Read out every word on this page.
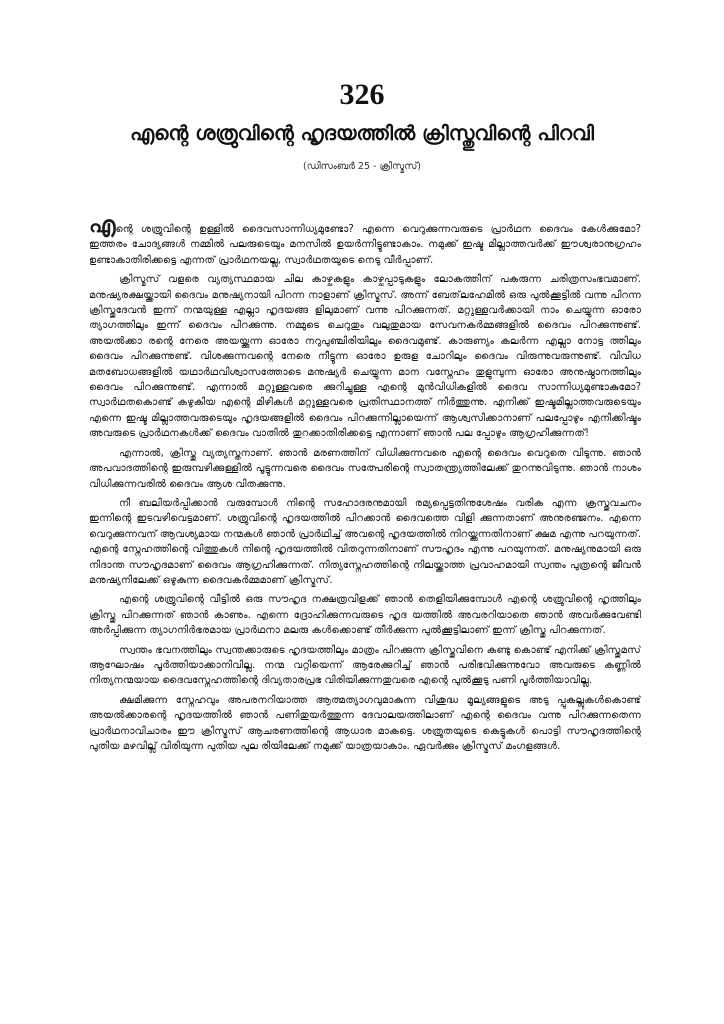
326
എന്റെ ശത്രുവിന്റെ ഹൃദയത്തിൽ ക്രിസ്തുവിന്റെ പിറവി
(ഡിസംബർ 25 - ക്രിസ്മസ്)

എന്റെ ശത്രുവിന്റെ ഉള്ളിൽ ദൈവസാന്നിധ്യമുണ്ടോ? എന്നെ വെറുക്കുന്നവരുടെ പ്രാർഥന ദൈവം കേൾക്കുമോ? ഇത്തരം ചോദ്യങ്ങൾ നമ്മിൽ പലരുടെയും മനസിൽ ഉയർന്നിട്ടുണ്ടാകാം. നമുക്ക് ഇഷ്ട മില്ലാത്തവർക്ക് ഈശ്വരാനുഗ്രഹം ഉണ്ടാകാതിരിക്കട്ടെ എന്നത് പ്രാർഥനയല്ല, സ്വാർഥതയുടെ നെടു വീർപ്പാണ്.

ക്രിസ്മസ് വളരെ വ്യത്യസ്ഥമായ ചില കാഴ്ചകളും കാഴ്ചപ്പാടുകളും ലോകത്തിന് പകരുന്ന ചരിത്രസംഭവമാണ്. മനുഷ്യരക്ഷയ്ക്കായി ദൈവം മനുഷ്യനായി പിറന്ന നാളാണ് ക്രിസ്മസ്. അന്ന് ബേത്‌ലഹേമിൽ ഒരു പുൽക്കൂട്ടിൽ വന്നു പിറന്ന ക്രിസ്തുദേവൻ ഇന്ന് നന്മയുള്ള എല്ലാ ഹൃദയങ്ങ ളിലുമാണ് വന്നു പിറക്കുന്നത്. മറ്റുള്ളവർക്കായി നാം ചെയ്യുന്ന ഓരോ ത്യാഗത്തിലും ഇന്ന് ദൈവം പിറക്കുന്നു. നമ്മുടെ ചെറുതും വലുതുമായ സേവനകർമ്മങ്ങളിൽ ദൈവം പിറക്കുന്നുണ്ട്. അയൽക്കാ രന്റെ നേരെ അയയ്ക്കുന്ന ഓരോ നറുപുഞ്ചിരിയിലും ദൈവമുണ്ട്. കാരുണ്യം കലർന്ന എല്ലാ നോട്ട ത്തിലും ദൈവം പിറക്കുന്നുണ്ട്. വിശക്കുന്നവന്റെ നേരെ നീട്ടുന്ന ഓരോ ഉരുള ചോറിലും ദൈവം വിരുന്നുവരുന്നുണ്ട്. വിവിധ മതബോധങ്ങളിൽ യഥാർഥവിശ്വാസത്തോടെ മനുഷ്യർ ചെയ്യുന്ന മാന വസ്നേഹം തുളുമ്പുന്ന ഓരോ അനുഷ്ഠാനത്തിലും ദൈവം പിറക്കുന്നുണ്ട്. എന്നാൽ മറ്റുള്ളവരെ ക്കുറിച്ചുള്ള എന്റെ മുൻവിധികളിൽ ദൈവ സാന്നിധ്യമുണ്ടാകുമോ? സ്വാർഥതകൊണ്ട് കഴുകിയ എന്റെ മിഴികൾ മറ്റുള്ളവരെ പ്രതിസ്ഥാനത്ത് നിർത്തുന്നു. എനിക്ക് ഇഷ്ടമില്ലാത്തവരുടെയും എന്നെ ഇഷ്ട മില്ലാത്തവരുടെയും ഹൃദയങ്ങളിൽ ദൈവം പിറക്കുന്നില്ലായെന്ന് ആശ്വസിക്കാനാണ് പലപ്പോഴും എനിക്കിഷ്ടം അവരുടെ പ്രാർഥനകൾക്ക് ദൈവം വാതിൽ തുറക്കാതിരിക്കട്ടെ എന്നാണ് ഞാൻ പല പ്പോഴും ആഗ്രഹിക്കുന്നത്!

എന്നാൽ, ക്രിസ്തു വ്യത്യസ്തനാണ്. ഞാൻ മരണത്തിന് വിധിക്കുന്നവരെ എന്റെ ദൈവം വെറുതെ വിടുന്നു. ഞാൻ അപവാദത്തിന്റെ ഇരുമ്പഴിക്കുള്ളിൽ പൂട്ടുന്നവരെ ദൈവം സത്പേരിന്റെ സ്വാതന്ത്ര്യത്തിലേക്ക് തുറന്നുവിടുന്നു. ഞാൻ നാശം വിധിക്കുന്നവരിൽ ദൈവം ആശ വിതക്കുന്നു.

നീ ബലിയർപ്പിക്കാൻ വരുമ്പോൾ നിന്റെ സഹോദരനുമായി രമ്യപ്പെട്ടതിനുശേഷം വരിക എന്ന ക്രസ്തുവചനം ഇന്നിന്റെ ഇടവഴിവെട്ടമാണ്. ശത്രുവിന്റെ ഹൃദയത്തിൽ പിറക്കാൻ ദൈവത്തെ വിളി ക്കുന്നതാണ് അനുരഞ്ജനം. എന്നെ വെറുക്കുന്നവന് ആവശ്യമായ നന്മകൾ ഞാൻ പ്രാർഥിച്ച് അവന്റെ ഹൃദയത്തിൽ നിറയ്ക്കുന്നതിനാണ് ക്ഷമ എന്നു പറയുന്നത്. എന്റെ സ്നേഹത്തിന്റെ വിത്തുകൾ നിന്റെ ഹൃദയത്തിൽ വിതറുന്നതിനാണ് സൗഹൃദം എന്നു പറയുന്നത്. മനുഷ്യനുമായി ഒരു നിദാന്ത സൗഹൃദമാണ് ദൈവം ആഗ്രഹിക്കുന്നത്. നിത്യസ്നേഹത്തിന്റെ നിലയ്ക്കാത്ത പ്രവാഹമായി സ്വന്തം പുത്രന്റെ ജീവൻ മനുഷ്യനിലേക്ക് ഒഴുകുന്ന ദൈവകർമ്മമാണ് ക്രിസ്മസ്.

എന്റെ ശത്രുവിന്റെ വീട്ടിൽ ഒരു സൗഹൃദ നക്ഷത്രവിളക്ക് ഞാൻ തെളിയിക്കുമ്പോൾ എന്റെ ശത്രുവിന്റെ ഹൃത്തിലും ക്രിസ്തു പിറക്കുന്നത് ഞാൻ കാണും. എന്നെ ദ്രോഹിക്കുന്നവരുടെ ഹൃദ യത്തിൽ അവരറിയാതെ ഞാൻ അവർക്കുവേണ്ടി അർപ്പിക്കുന്ന ത്യാഗനിർഭരമായ പ്രാർഥനാ മലരു കൾക്കൊണ്ട് തീർക്കുന്ന പുൽക്കൂട്ടിലാണ് ഇന്ന് ക്രിസ്തു പിറക്കുന്നത്.

സ്വന്തം ഭവനത്തിലും സ്വന്തക്കാരുടെ ഹൃദയത്തിലും മാത്രം പിറക്കുന്ന ക്രിസ്തുവിനെ കണ്ടു കൊണ്ട് എനിക്ക് ക്രിസ്തുമസ് ആഘോഷം പൂർത്തിയാക്കാനിവില്ല. നന്മ വറ്റിയെന്ന് ആരേക്കുറിച്ച് ഞാൻ പരിഭവിക്കുന്നുവോ അവരുടെ കണ്ണിൽ നിത്യനന്മയായ ദൈവസ്നേഹത്തിന്റെ ദിവ്യതാരപ്രഭ വിരിയിക്കുന്നതുവരെ എന്റെ പുൽക്കൂടു പണി പൂർത്തിയാവില്ല.

ക്ഷമിക്കുന്ന സ്നേഹവും അപരനറിയാത്ത ആത്മത്യാഗവുമാകുന്ന വിശുദ്ധ മൂല്യങ്ങളുടെ അടു പ്പുകല്ലുകൾകൊണ്ട് അയൽക്കാരന്റെ ഹൃദയത്തിൽ ഞാൻ പണിതുയർത്തുന്ന ദേവാലയത്തിലാണ് എന്റെ ദൈവം വന്നു പിറക്കുന്നതെന്ന പ്രാർഥനാവിചാരം ഈ ക്രിസ്മസ് ആചരണത്തിന്റെ ആധാര മാകട്ടെ. ശത്രുതയുടെ കെട്ടുകൾ പൊട്ടി സൗഹൃദത്തിന്റെ പുതിയ മഴവില്ല് വിരിയുന്ന പുതിയ പുല രിയിലേക്ക് നമുക്ക് യാത്രയാകാം. ഏവർക്കും ക്രിസ്മസ് മംഗളങ്ങൾ.
